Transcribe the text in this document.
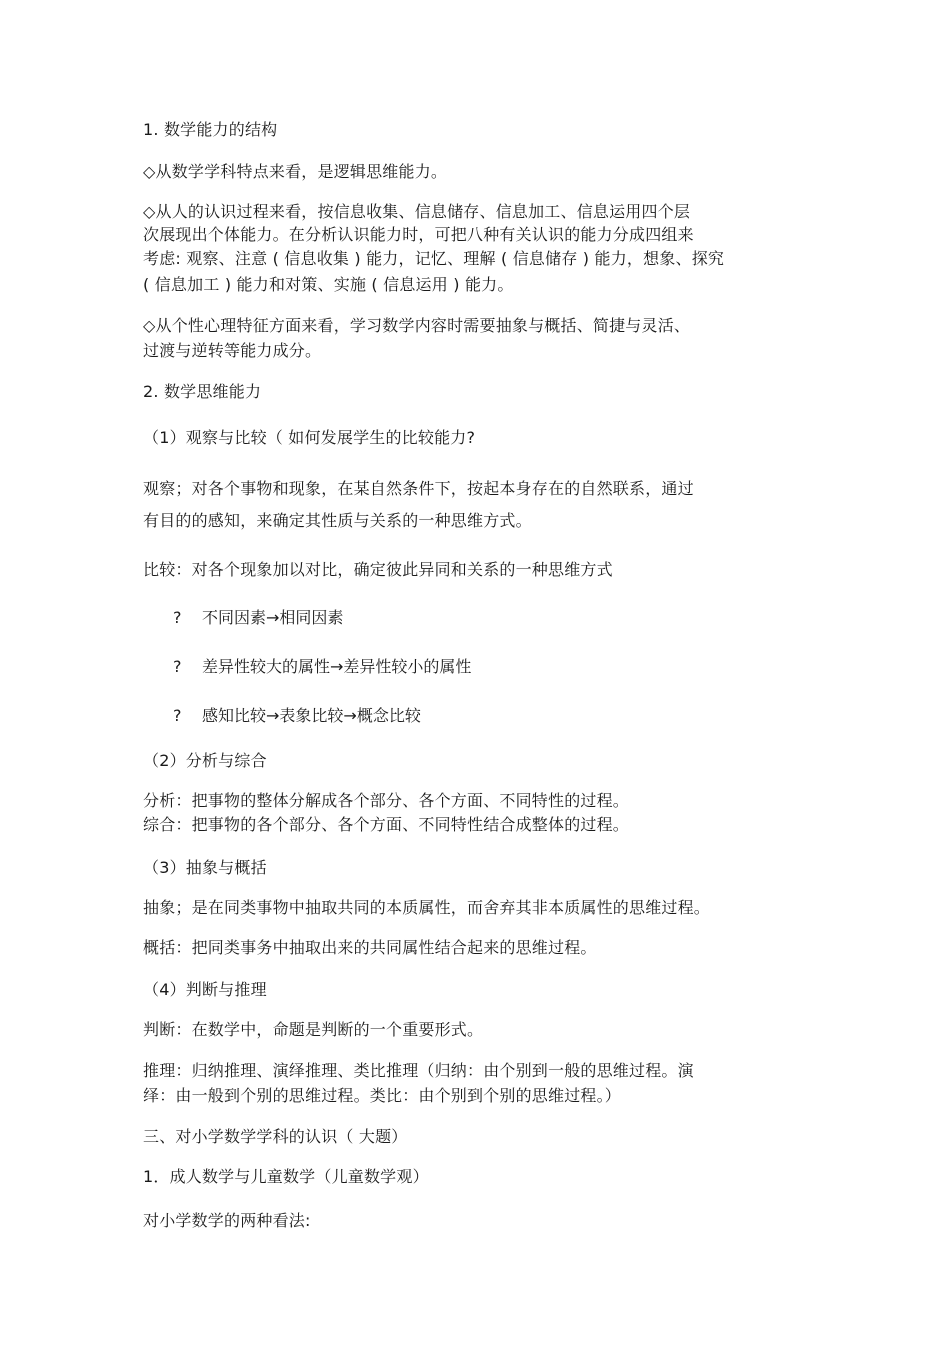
1. 数学能力的结构
◇从数学学科特点来看，是逻辑思维能力。
◇从人的认识过程来看，按信息收集、信息储存、信息加工、信息运用四个层
次展现出个体能力。在分析认识能力时，可把八种有关认识的能力分成四组来
考虑: 观察、注意 ( 信息收集 ) 能力，记忆、理解 ( 信息储存 ) 能力，想象、探究
( 信息加工 ) 能力和对策、实施 ( 信息运用 ) 能力。
◇从个性心理特征方面来看，学习数学内容时需要抽象与概括、简捷与灵活、
过渡与逆转等能力成分。
2. 数学思维能力
（1）观察与比较（ 如何发展学生的比较能力?
观察；对各个事物和现象，在某自然条件下，按起本身存在的自然联系，通过
有目的的感知，来确定其性质与关系的一种思维方式。
比较：对各个现象加以对比，确定彼此异同和关系的一种思维方式
? 不同因素→相同因素
? 差异性较大的属性→差异性较小的属性
? 感知比较→表象比较→概念比较
（2）分析与综合
分析：把事物的整体分解成各个部分、各个方面、不同特性的过程。
综合：把事物的各个部分、各个方面、不同特性结合成整体的过程。
（3）抽象与概括
抽象；是在同类事物中抽取共同的本质属性，而舍弃其非本质属性的思维过程。
概括：把同类事务中抽取出来的共同属性结合起来的思维过程。
（4）判断与推理
判断：在数学中，命题是判断的一个重要形式。
推理：归纳推理、演绎推理、类比推理（归纳：由个别到一般的思维过程。演
绎：由一般到个别的思维过程。类比：由个别到个别的思维过程。）
三、对小学数学学科的认识（ 大题）
1．成人数学与儿童数学（儿童数学观）
对小学数学的两种看法:
